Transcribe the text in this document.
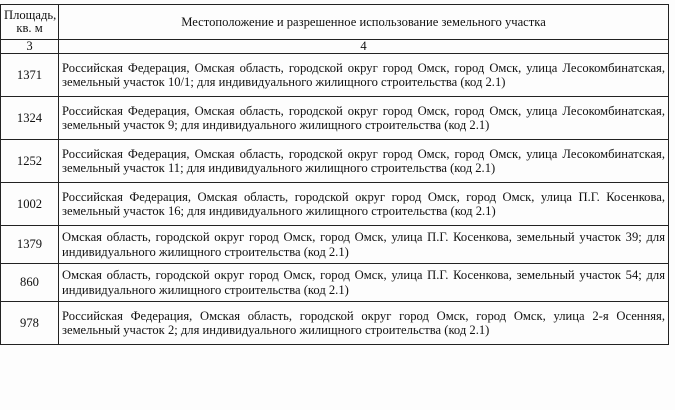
Площадь, кв. м	Местоположение и разрешенное использование земельного участка
3	4
1371	Российская Федерация, Омская область, городской округ город Омск, город Омск, улица Лесокомбинатская, земельный участок 10/1; для индивидуального жилищного строительства (код 2.1)
1324	Российская Федерация, Омская область, городской округ город Омск, город Омск, улица Лесокомбинатская, земельный участок 9; для индивидуального жилищного строительства (код 2.1)
1252	Российская Федерация, Омская область, городской округ город Омск, город Омск, улица Лесокомбинатская, земельный участок 11; для индивидуального жилищного строительства (код 2.1)
1002	Российская Федерация, Омская область, городской округ город Омск, город Омск, улица П.Г. Косенкова, земельный участок 16; для индивидуального жилищного строительства (код 2.1)
1379	Омская область, городской округ город Омск, город Омск, улица П.Г. Косенкова, земельный участок 39; для индивидуального жилищного строительства (код 2.1)
860	Омская область, городской округ город Омск, город Омск, улица П.Г. Косенкова, земельный участок 54; для индивидуального жилищного строительства (код 2.1)
978	Российская Федерация, Омская область, городской округ город Омск, город Омск, улица 2-я Осенняя, земельный участок 2; для индивидуального жилищного строительства (код 2.1)
